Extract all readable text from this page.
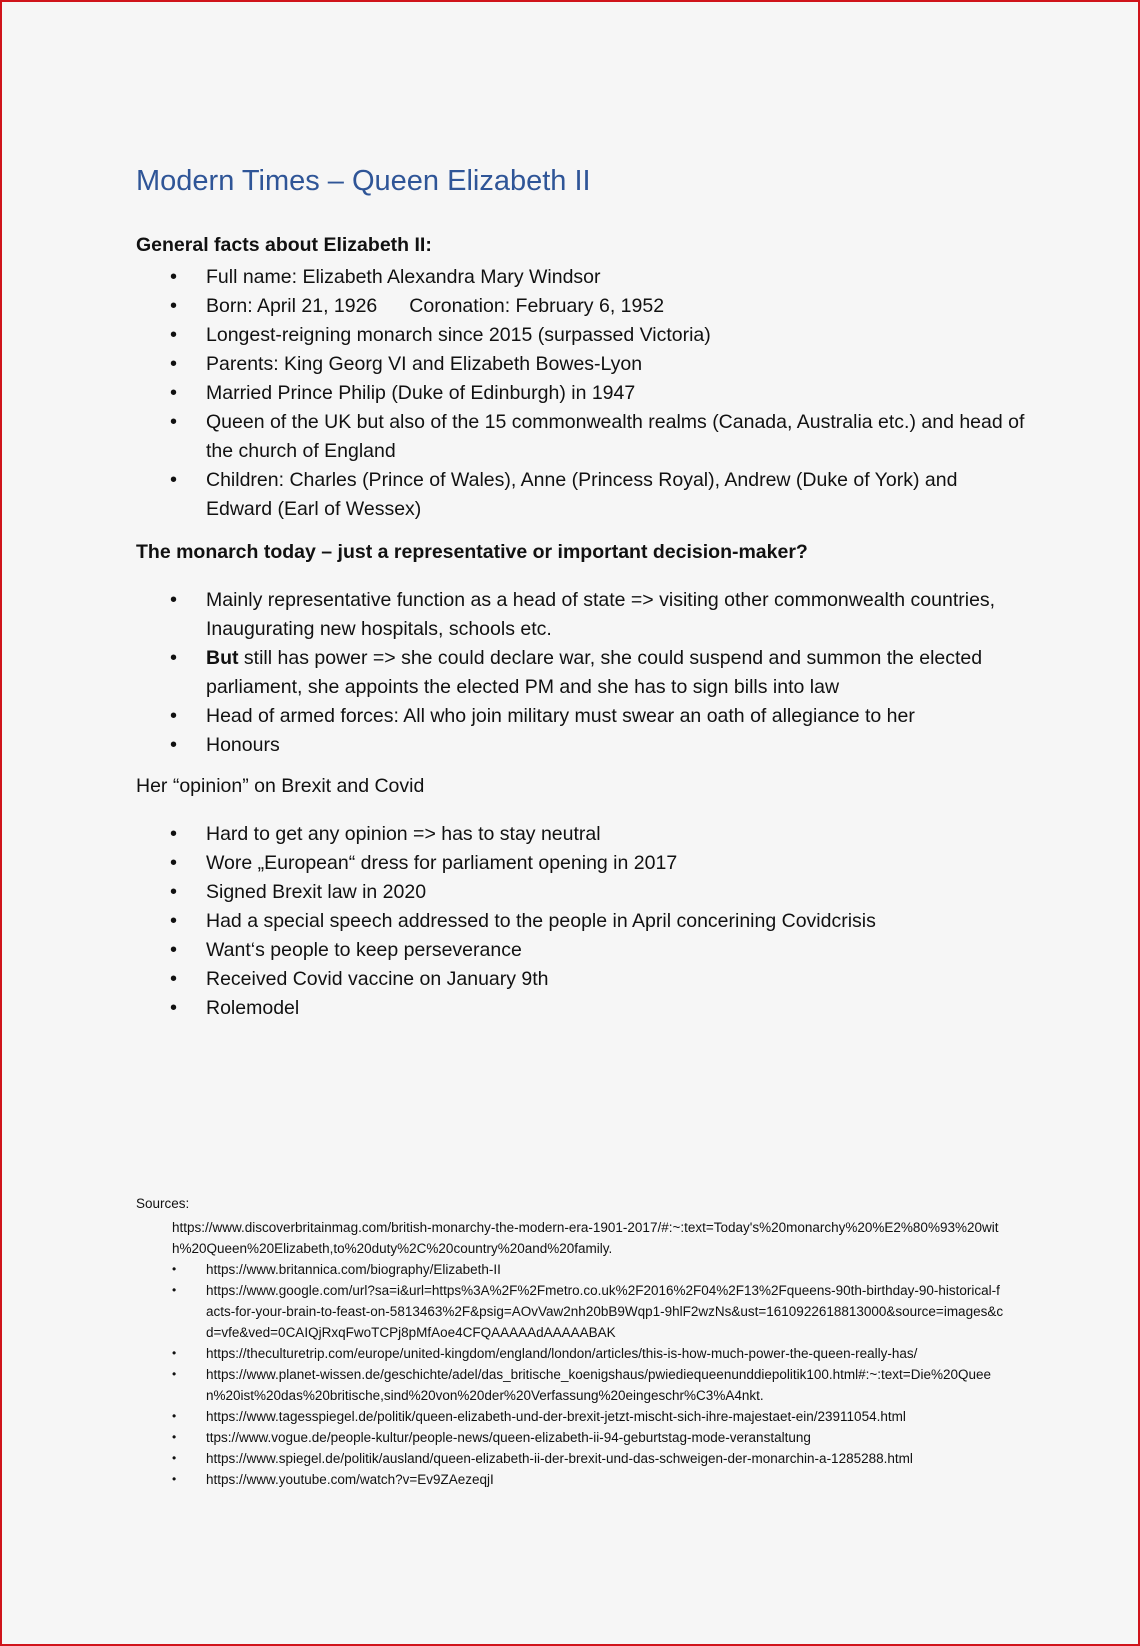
Modern Times – Queen Elizabeth II

General facts about Elizabeth II:

• Full name: Elizabeth Alexandra Mary Windsor
• Born: April 21, 1926 Coronation: February 6, 1952
• Longest-reigning monarch since 2015 (surpassed Victoria)
• Parents: King Georg VI and Elizabeth Bowes-Lyon
• Married Prince Philip (Duke of Edinburgh) in 1947
• Queen of the UK but also of the 15 commonwealth realms (Canada, Australia etc.) and head of the church of England
• Children: Charles (Prince of Wales), Anne (Princess Royal), Andrew (Duke of York) and Edward (Earl of Wessex)

The monarch today – just a representative or important decision-maker?

• Mainly representative function as a head of state => visiting other commonwealth countries, Inaugurating new hospitals, schools etc.
• But still has power => she could declare war, she could suspend and summon the elected parliament, she appoints the elected PM and she has to sign bills into law
• Head of armed forces: All who join military must swear an oath of allegiance to her
• Honours

Her “opinion” on Brexit and Covid

• Hard to get any opinion => has to stay neutral
• Wore „European“ dress for parliament opening in 2017
• Signed Brexit law in 2020
• Had a special speech addressed to the people in April concerining Covidcrisis
• Want‘s people to keep perseverance
• Received Covid vaccine on January 9th
• Rolemodel

Sources:

https://www.discoverbritainmag.com/british-monarchy-the-modern-era-1901-2017/#:~:text=Today's%20monarchy%20%E2%80%93%20with%20Queen%20Elizabeth,to%20duty%2C%20country%20and%20family.
• https://www.britannica.com/biography/Elizabeth-II
• https://www.google.com/url?sa=i&url=https%3A%2F%2Fmetro.co.uk%2F2016%2F04%2F13%2Fqueens-90th-birthday-90-historical-facts-for-your-brain-to-feast-on-5813463%2F&psig=AOvVaw2nh20bB9Wqp1-9hlF2wzNs&ust=1610922618813000&source=images&cd=vfe&ved=0CAIQjRxqFwoTCPj8pMfAoe4CFQAAAAAdAAAAABAK
• https://theculturetrip.com/europe/united-kingdom/england/london/articles/this-is-how-much-power-the-queen-really-has/
• https://www.planet-wissen.de/geschichte/adel/das_britische_koenigshaus/pwiediequeenunddiepolitik100.html#:~:text=Die%20Queen%20ist%20das%20britische,sind%20von%20der%20Verfassung%20eingeschr%C3%A4nkt.
• https://www.tagesspiegel.de/politik/queen-elizabeth-und-der-brexit-jetzt-mischt-sich-ihre-majestaet-ein/23911054.html
• ttps://www.vogue.de/people-kultur/people-news/queen-elizabeth-ii-94-geburtstag-mode-veranstaltung
• https://www.spiegel.de/politik/ausland/queen-elizabeth-ii-der-brexit-und-das-schweigen-der-monarchin-a-1285288.html
• https://www.youtube.com/watch?v=Ev9ZAezeqjI
